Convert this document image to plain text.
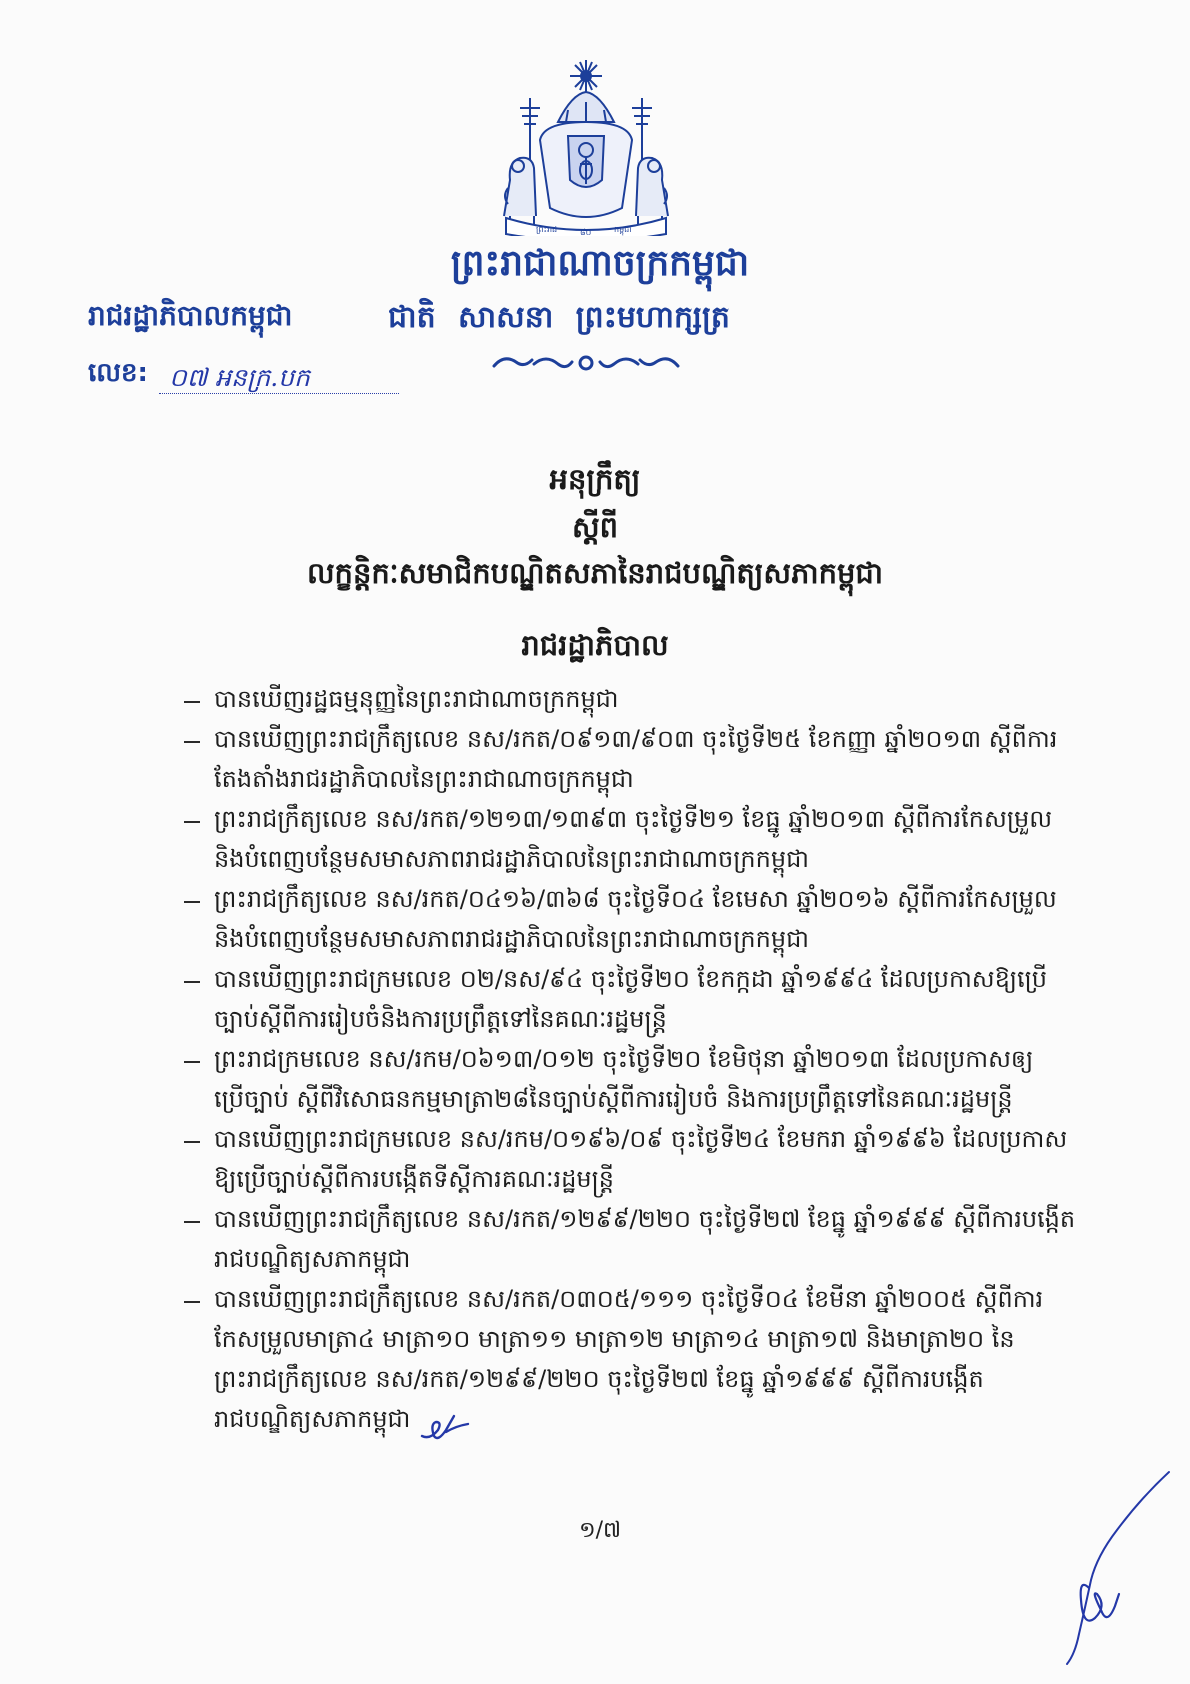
ព្រះរាជ	៨០	កម្ពុជា
ព្រះរាជាណាចក្រកម្ពុជា
រាជរដ្ឋាភិបាលកម្ពុជា	ជាតិ សាសនា ព្រះមហាក្សត្រ
លេខ: ០៧ អនក្រ.បក
អនុក្រឹត្យ
ស្តីពី
លក្ខន្តិកៈសមាជិកបណ្ឌិតសភានៃរាជបណ្ឌិត្យសភាកម្ពុជា
រាជរដ្ឋាភិបាល
បានឃើញរដ្ឋធម្មនុញ្ញនៃព្រះរាជាណាចក្រកម្ពុជា
បានឃើញព្រះរាជក្រឹត្យលេខ នស/រកត/០៩១៣/៩០៣ ចុះថ្ងៃទី២៥ ខែកញ្ញា ឆ្នាំ២០១៣ ស្តីពីការ
តែងតាំងរាជរដ្ឋាភិបាលនៃព្រះរាជាណាចក្រកម្ពុជា
ព្រះរាជក្រឹត្យលេខ នស/រកត/១២១៣/១៣៩៣ ចុះថ្ងៃទី២១ ខែធ្នូ ឆ្នាំ២០១៣ ស្តីពីការកែសម្រួល
និងបំពេញបន្ថែមសមាសភាពរាជរដ្ឋាភិបាលនៃព្រះរាជាណាចក្រកម្ពុជា
ព្រះរាជក្រឹត្យលេខ នស/រកត/០៤១៦/៣៦៨ ចុះថ្ងៃទី០៤ ខែមេសា ឆ្នាំ២០១៦ ស្តីពីការកែសម្រួល
និងបំពេញបន្ថែមសមាសភាពរាជរដ្ឋាភិបាលនៃព្រះរាជាណាចក្រកម្ពុជា
បានឃើញព្រះរាជក្រមលេខ ០២/នស/៩៤ ចុះថ្ងៃទី២០ ខែកក្កដា ឆ្នាំ១៩៩៤ ដែលប្រកាសឱ្យប្រើ
ច្បាប់ស្តីពីការរៀបចំនិងការប្រព្រឹត្តទៅនៃគណៈរដ្ឋមន្ត្រី
ព្រះរាជក្រមលេខ នស/រកម/០៦១៣/០១២ ចុះថ្ងៃទី២០ ខែមិថុនា ឆ្នាំ២០១៣ ដែលប្រកាសឲ្យ
ប្រើច្បាប់ ស្តីពីវិសោធនកម្មមាត្រា២៨នៃច្បាប់ស្តីពីការរៀបចំ និងការប្រព្រឹត្តទៅនៃគណៈរដ្ឋមន្ត្រី
បានឃើញព្រះរាជក្រមលេខ នស/រកម/០១៩៦/០៩ ចុះថ្ងៃទី២៤ ខែមករា ឆ្នាំ១៩៩៦ ដែលប្រកាស
ឱ្យប្រើច្បាប់ស្តីពីការបង្កើតទីស្តីការគណៈរដ្ឋមន្ត្រី
បានឃើញព្រះរាជក្រឹត្យលេខ នស/រកត/១២៩៩/២២០ ចុះថ្ងៃទី២៧ ខែធ្នូ ឆ្នាំ១៩៩៩ ស្តីពីការបង្កើត
រាជបណ្ឌិត្យសភាកម្ពុជា
បានឃើញព្រះរាជក្រឹត្យលេខ នស/រកត/០៣០៥/១១១ ចុះថ្ងៃទី០៤ ខែមីនា ឆ្នាំ២០០៥ ស្តីពីការ
កែសម្រួលមាត្រា៤ មាត្រា១០ មាត្រា១១ មាត្រា១២ មាត្រា១៤ មាត្រា១៧ និងមាត្រា២០ នៃ
ព្រះរាជក្រឹត្យលេខ នស/រកត/១២៩៩/២២០ ចុះថ្ងៃទី២៧ ខែធ្នូ ឆ្នាំ១៩៩៩ ស្តីពីការបង្កើត
រាជបណ្ឌិត្យសភាកម្ពុជា
១/៧
